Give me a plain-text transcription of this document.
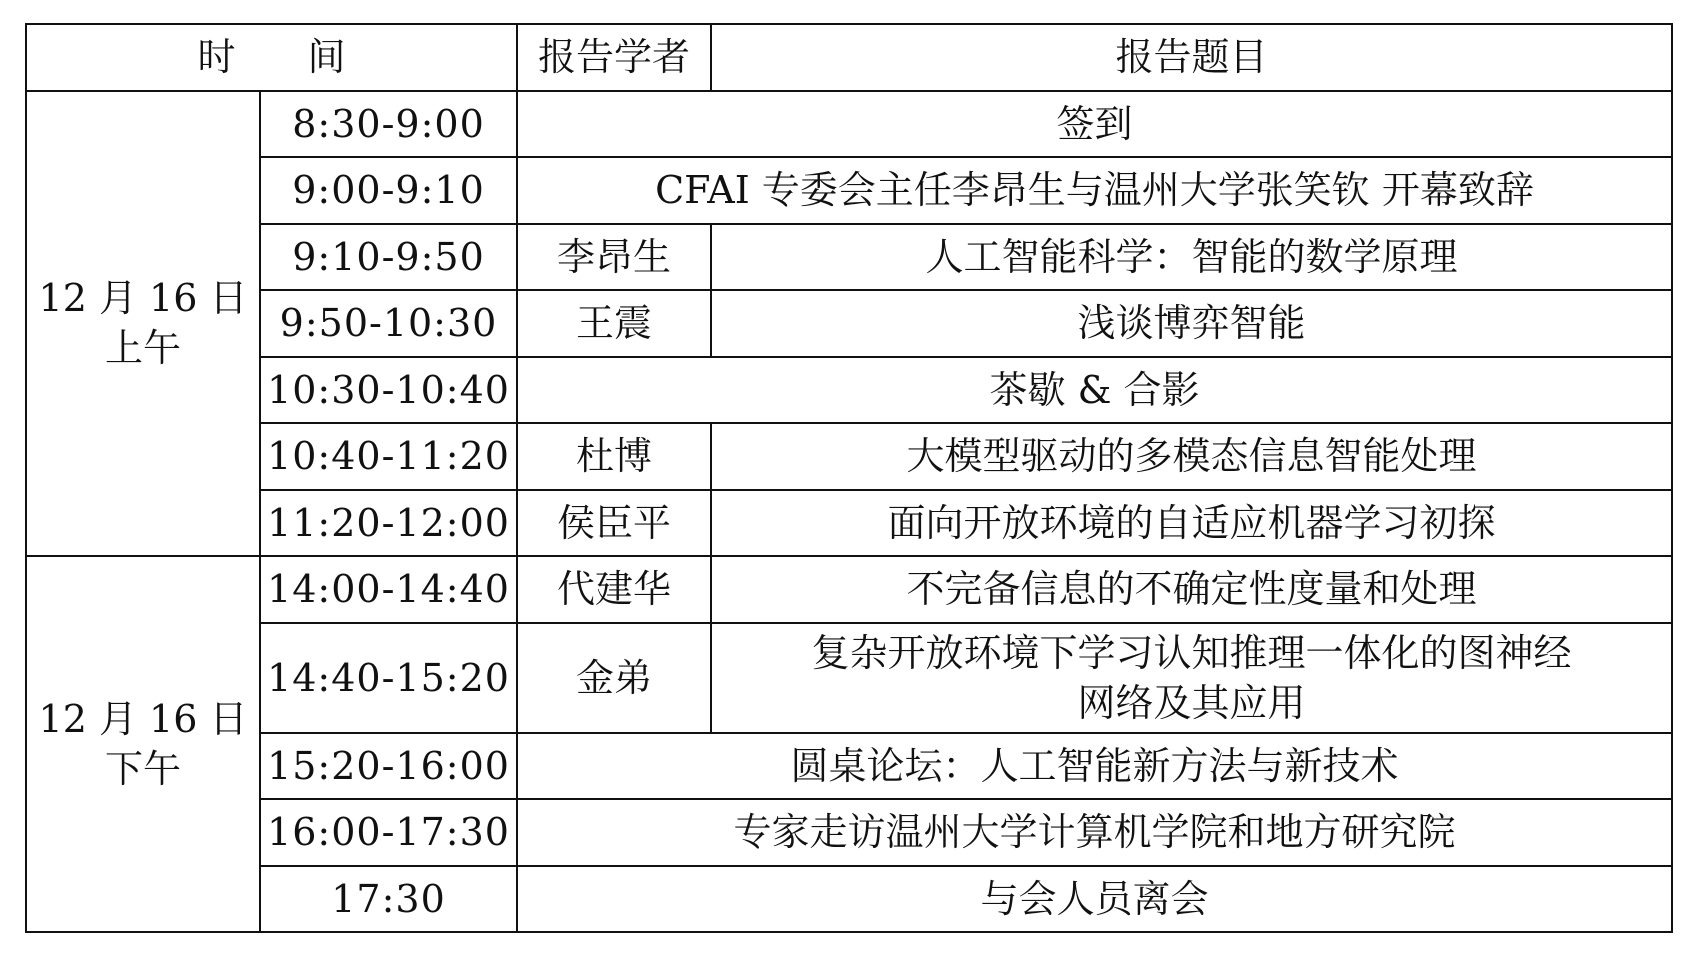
时 间		报告学者	报告题目

12 月 16 日
上午	8:30-9:00	签到	
	9:00-9:10	CFAI 专委会主任李昂生与温州大学张笑钦 开幕致辞	
	9:10-9:50	李昂生	人工智能科学：智能的数学原理
	9:50-10:30	王震	浅谈博弈智能
	10:30-10:40	茶歇 & 合影	
	10:40-11:20	杜博	大模型驱动的多模态信息智能处理
	11:20-12:00	侯臣平	面向开放环境的自适应机器学习初探

12 月 16 日
下午	14:00-14:40	代建华	不完备信息的不确定性度量和处理
	14:40-15:20	金弟	复杂开放环境下学习认知推理一体化的图神经
网络及其应用

	15:20-16:00	圆桌论坛：人工智能新方法与新技术	
	16:00-17:30	专家走访温州大学计算机学院和地方研究院	
	17:30	与会人员离会	
